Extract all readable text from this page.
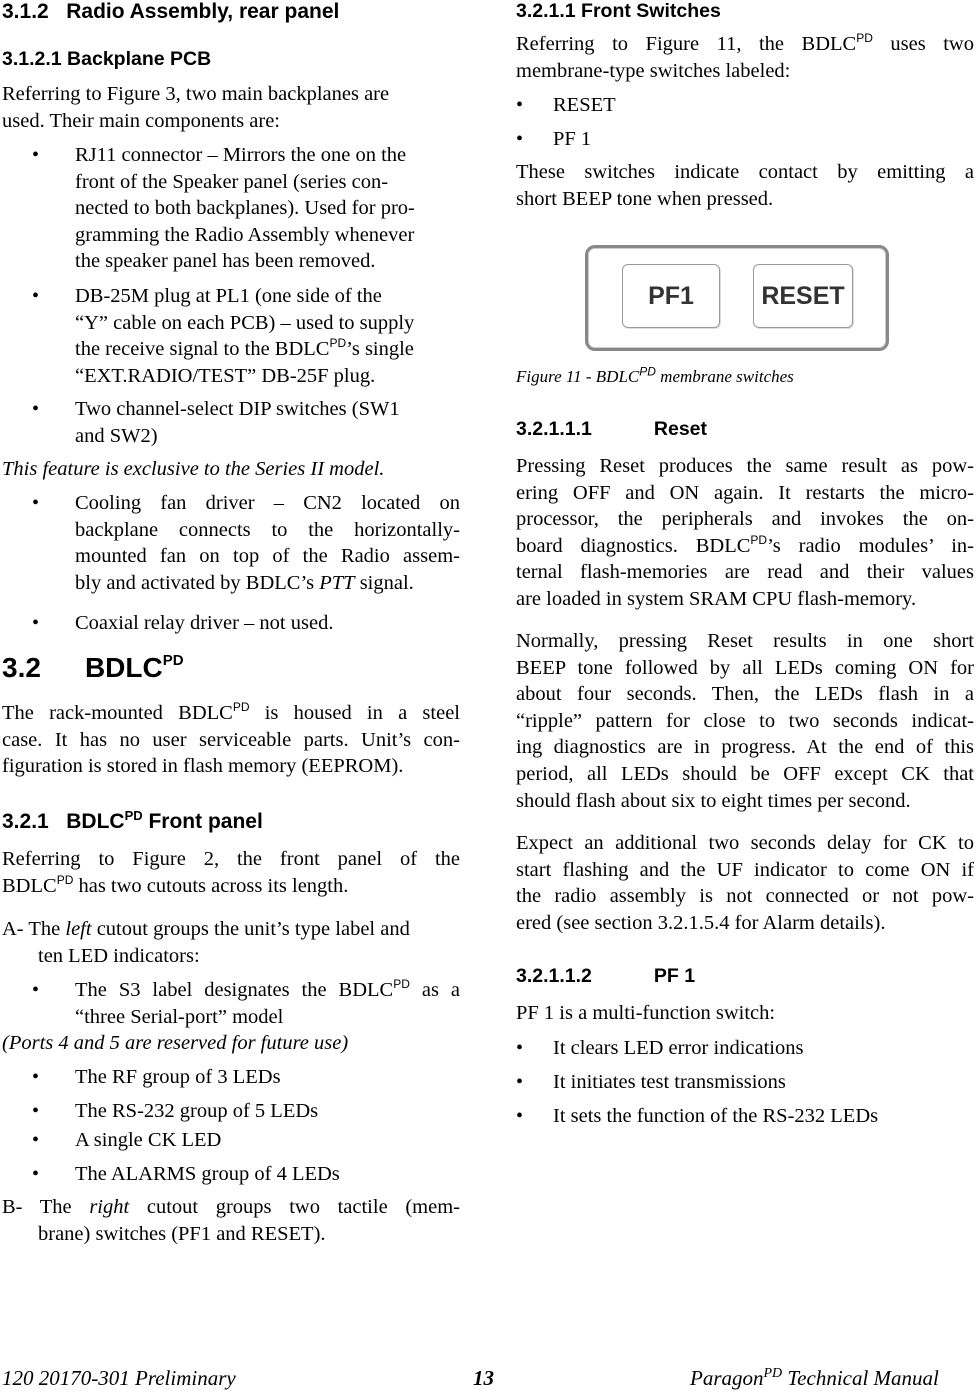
3.1.2 Radio Assembly, rear panel
3.1.2.1 Backplane PCB
Referring to Figure 3, two main backplanes are
used. Their main components are:
• RJ11 connector – Mirrors the one on the
front of the Speaker panel (series con-
nected to both backplanes). Used for pro-
gramming the Radio Assembly whenever
the speaker panel has been removed.
• DB-25M plug at PL1 (one side of the
“Y” cable on each PCB) – used to supply
the receive signal to the $BDLC^{PD}’s$ single
“EXT.RADIO/TEST” DB-25F plug.
• Two channel-select DIP switches (SW1
and SW2)
This feature is exclusive to the Series II model.
• Cooling fan driver – CN2 located on
backplane connects to the horizontally-
mounted fan on top of the Radio assem-
bly and activated by BDLC’s PTT signal.
• Coaxial relay driver – not used.
3.2 $BDLC^{PD}$
The rack-mounted $BDLC^{PD}$ is housed in a steel
case. It has no user serviceable parts. Unit’s con-
figuration is stored in flash memory (EEPROM).
3.2.1 $BDLC^{PD}$ Front panel
Referring to Figure 2, the front panel of the
$BDLC^{PD}$ has two cutouts across its length.
A- The left cutout groups the unit’s type label and
ten LED indicators:
• The S3 label designates the $BDLC^{PD}$ as a
“three Serial-port” model
(Ports 4 and 5 are reserved for future use)
• The RF group of 3 LEDs
• The RS-232 group of 5 LEDs
• A single CK LED
• The ALARMS group of 4 LEDs
B- The right cutout groups two tactile (mem-
brane) switches (PF1 and RESET).
3.2.1.1 Front Switches
Referring to Figure 11, the $BDLC^{PD}$ uses two
membrane-type switches labeled:
• RESET
• PF 1
These switches indicate contact by emitting a
short BEEP tone when pressed.
Figure $11 - BDLC^{PD}$ membrane switches
3.2.1.1.1	Reset
Pressing Reset produces the same result as pow-
ering OFF and ON again. It restarts the micro-
processor, the peripherals and invokes the on-
board diagnostics. $BDLC^{PD}’s$ radio modules’ in-
ternal flash-memories are read and their values
are loaded in system SRAM CPU flash-memory.
Normally, pressing Reset results in one short
BEEP tone followed by all LEDs coming ON for
about four seconds. Then, the LEDs flash in a
“ripple” pattern for close to two seconds indicat-
ing diagnostics are in progress. At the end of this
period, all LEDs should be OFF except CK that
should flash about six to eight times per second.
Expect an additional two seconds delay for CK to
start flashing and the UF indicator to come ON if
the radio assembly is not connected or not pow-
ered (see section 3.2.1.5.4 for Alarm details).
3.2.1.1.2	PF 1
PF 1 is a multi-function switch:
• It clears LED error indications
• It initiates test transmissions
• It sets the function of the RS-232 LEDs
PF1	RESET
120 20170-301 Preliminary	13	Paragon$^{PD}$ Technical Manual
